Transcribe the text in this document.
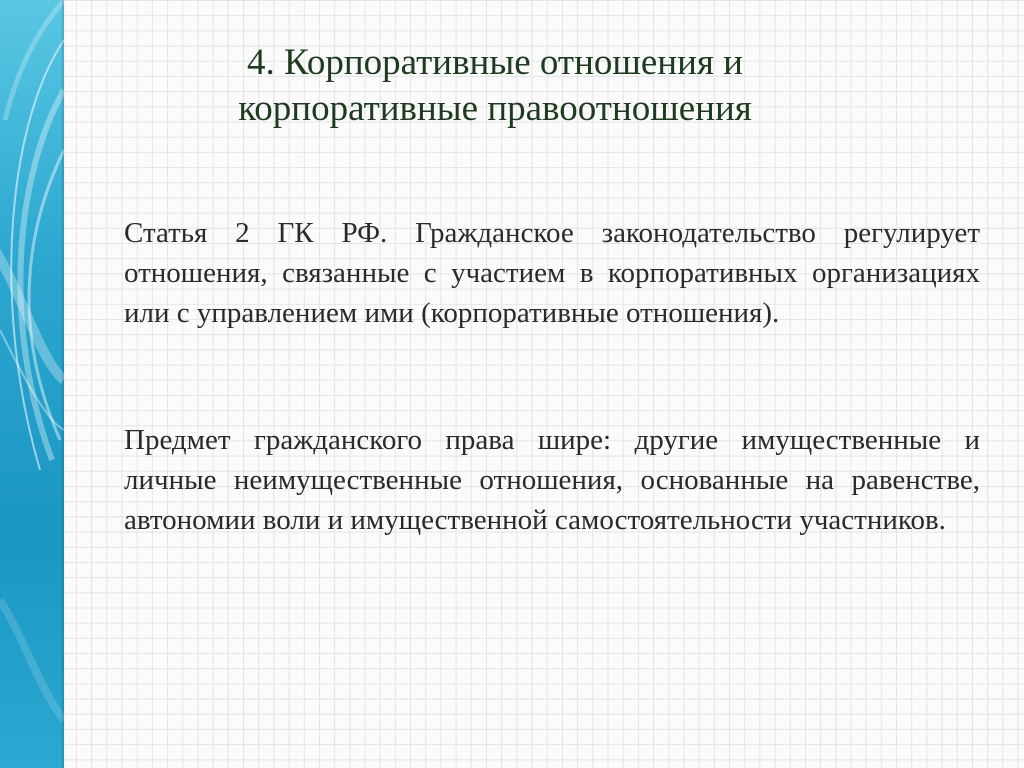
4. Корпоративные отношения и
корпоративные правоотношения

Статья 2 ГК РФ. Гражданское законодательство регулирует отношения, связанные с участием в корпоративных организациях или с управлением ими (корпоративные отношения).

Предмет гражданского права шире: другие имущественные и личные неимущественные отношения, основанные на равенстве, автономии воли и имущественной самостоятельности участников.
